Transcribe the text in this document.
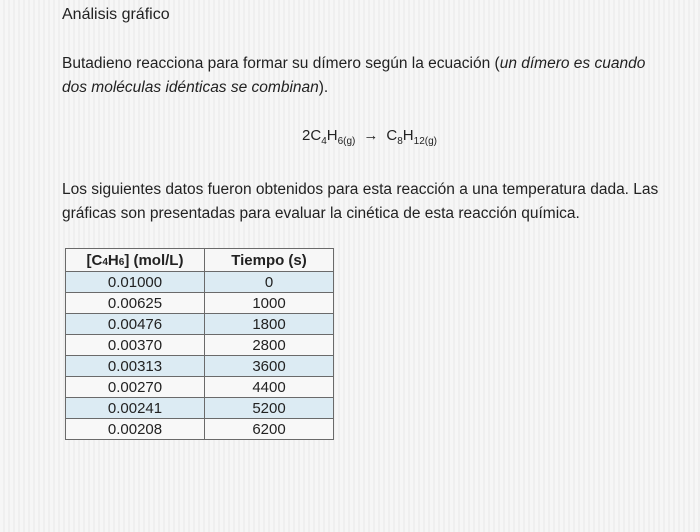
Análisis gráfico
Butadieno reacciona para formar su dímero según la ecuación (un dímero es cuando dos moléculas idénticas se combinan).
$2C_4H_{6(g)} \to C_8H_{12(g)}$
Los siguientes datos fueron obtenidos para esta reacción a una temperatura dada. Las gráficas son presentadas para evaluar la cinética de esta reacción química.
[C4H6] (mol/L)	Tiempo (s)
0.01000	0
0.00625	1000
0.00476	1800
0.00370	2800
0.00313	3600
0.00270	4400
0.00241	5200
0.00208	6200
